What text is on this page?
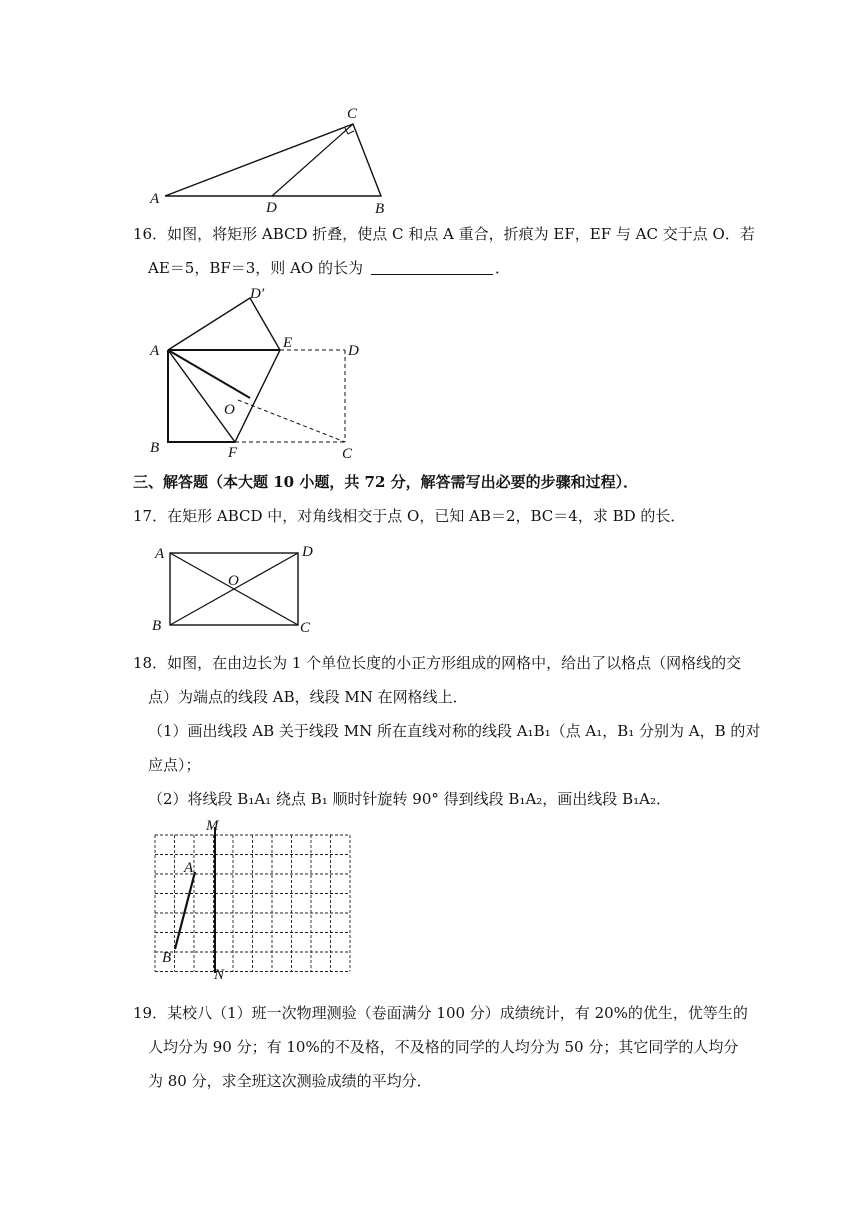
A
C
D	B
16．如图，将矩形 ABCD 折叠，使点 C 和点 A 重合，折痕为 EF，EF 与 AC 交于点 O．若
AE＝5，BF＝3，则 AO 的长为	．
D′
A	E	D
O
B	F	C
三、解答题（本大题 10 小题，共 72 分，解答需写出必要的步骤和过程）．
17．在矩形 ABCD 中，对角线相交于点 O，已知 AB＝2，BC＝4，求 BD 的长．
A	D
O
B	C
18．如图，在由边长为 1 个单位长度的小正方形组成的网格中，给出了以格点（网格线的交
点）为端点的线段 AB，线段 MN 在网格线上．
（1）画出线段 AB 关于线段 MN 所在直线对称的线段 A₁B₁（点 A₁，B₁ 分别为 A，B 的对
应点）；
（2）将线段 B₁A₁ 绕点 B₁ 顺时针旋转 90° 得到线段 B₁A₂，画出线段 B₁A₂．
M
N
A
B
19．某校八（1）班一次物理测验（卷面满分 100 分）成绩统计，有 20%的优生，优等生的
人均分为 90 分；有 10%的不及格，不及格的同学的人均分为 50 分；其它同学的人均分
为 80 分，求全班这次测验成绩的平均分．
